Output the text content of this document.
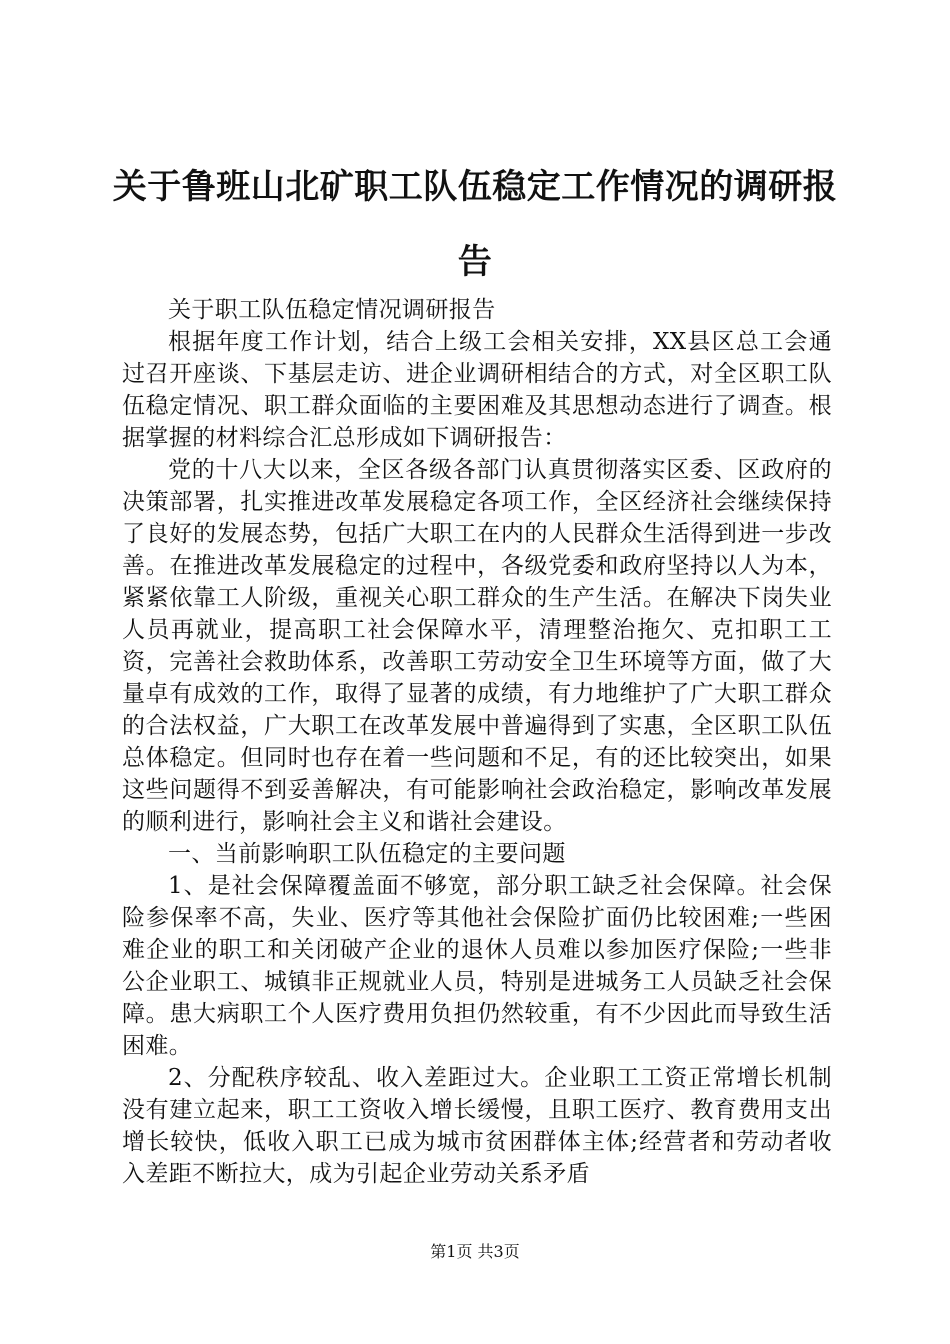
关于鲁班山北矿职工队伍稳定工作情况的调研报告

关于职工队伍稳定情况调研报告

根据年度工作计划，结合上级工会相关安排，XX县区总工会通过召开座谈、下基层走访、进企业调研相结合的方式，对全区职工队伍稳定情况、职工群众面临的主要困难及其思想动态进行了调查。根据掌握的材料综合汇总形成如下调研报告：

党的十八大以来，全区各级各部门认真贯彻落实区委、区政府的决策部署，扎实推进改革发展稳定各项工作，全区经济社会继续保持了良好的发展态势，包括广大职工在内的人民群众生活得到进一步改善。在推进改革发展稳定的过程中，各级党委和政府坚持以人为本，紧紧依靠工人阶级，重视关心职工群众的生产生活。在解决下岗失业人员再就业，提高职工社会保障水平，清理整治拖欠、克扣职工工资，完善社会救助体系，改善职工劳动安全卫生环境等方面，做了大量卓有成效的工作，取得了显著的成绩，有力地维护了广大职工群众的合法权益，广大职工在改革发展中普遍得到了实惠，全区职工队伍总体稳定。但同时也存在着一些问题和不足，有的还比较突出，如果这些问题得不到妥善解决，有可能影响社会政治稳定，影响改革发展的顺利进行，影响社会主义和谐社会建设。

一、当前影响职工队伍稳定的主要问题

1、是社会保障覆盖面不够宽，部分职工缺乏社会保障。社会保险参保率不高，失业、医疗等其他社会保险扩面仍比较困难;一些困难企业的职工和关闭破产企业的退休人员难以参加医疗保险;一些非公企业职工、城镇非正规就业人员，特别是进城务工人员缺乏社会保障。患大病职工个人医疗费用负担仍然较重，有不少因此而导致生活困难。

2、分配秩序较乱、收入差距过大。企业职工工资正常增长机制没有建立起来，职工工资收入增长缓慢，且职工医疗、教育费用支出增长较快，低收入职工已成为城市贫困群体主体;经营者和劳动者收入差距不断拉大，成为引起企业劳动关系矛盾

第1页 共3页
